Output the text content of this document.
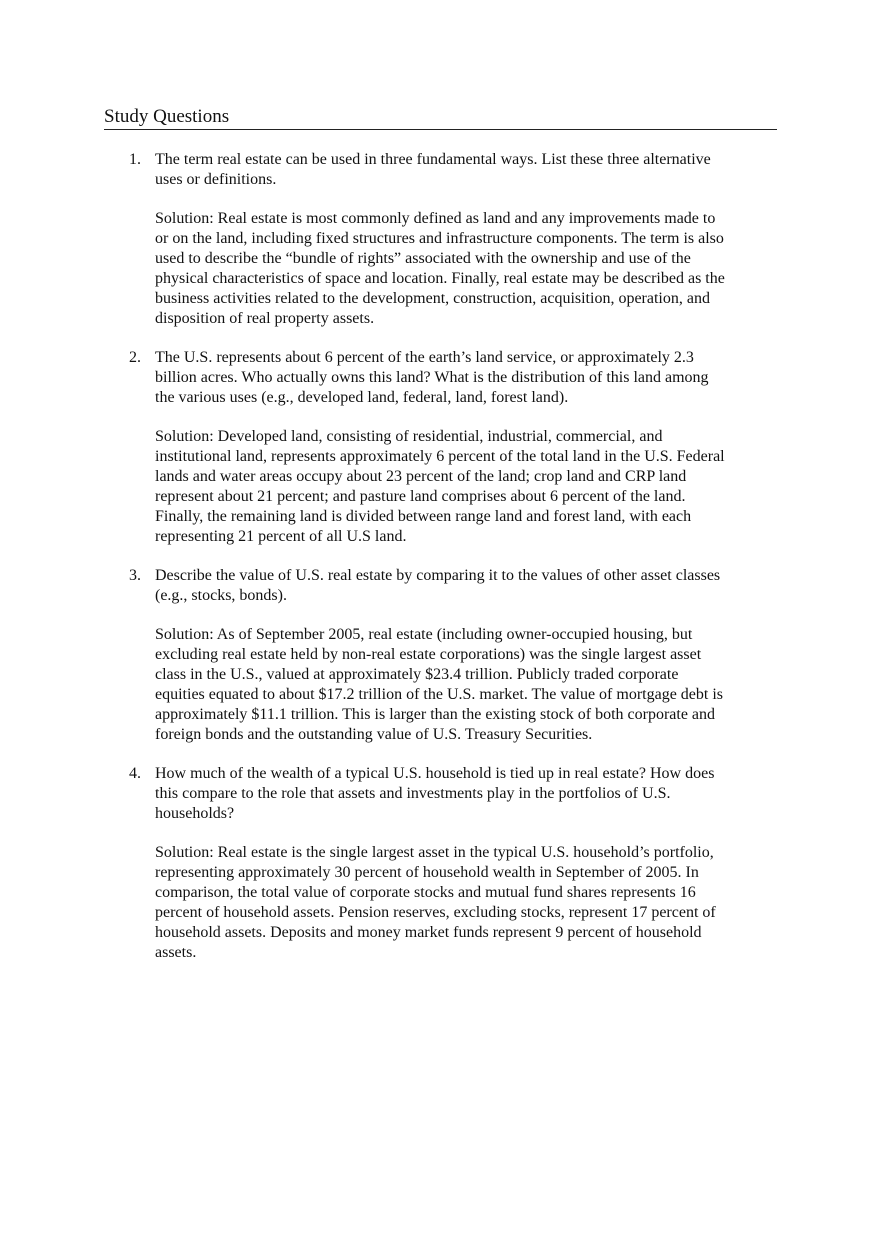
Study Questions
1. The term real estate can be used in three fundamental ways. List these three alternative
uses or definitions.

Solution: Real estate is most commonly defined as land and any improvements made to
or on the land, including fixed structures and infrastructure components. The term is also
used to describe the “bundle of rights” associated with the ownership and use of the
physical characteristics of space and location. Finally, real estate may be described as the
business activities related to the development, construction, acquisition, operation, and
disposition of real property assets.

2. The U.S. represents about 6 percent of the earth’s land service, or approximately 2.3
billion acres. Who actually owns this land? What is the distribution of this land among
the various uses (e.g., developed land, federal, land, forest land).

Solution: Developed land, consisting of residential, industrial, commercial, and
institutional land, represents approximately 6 percent of the total land in the U.S. Federal
lands and water areas occupy about 23 percent of the land; crop land and CRP land
represent about 21 percent; and pasture land comprises about 6 percent of the land.
Finally, the remaining land is divided between range land and forest land, with each
representing 21 percent of all U.S land.

3. Describe the value of U.S. real estate by comparing it to the values of other asset classes
(e.g., stocks, bonds).

Solution: As of September 2005, real estate (including owner-occupied housing, but
excluding real estate held by non-real estate corporations) was the single largest asset
class in the U.S., valued at approximately $23.4 trillion. Publicly traded corporate
equities equated to about $17.2 trillion of the U.S. market. The value of mortgage debt is
approximately $11.1 trillion. This is larger than the existing stock of both corporate and
foreign bonds and the outstanding value of U.S. Treasury Securities.

4. How much of the wealth of a typical U.S. household is tied up in real estate? How does
this compare to the role that assets and investments play in the portfolios of U.S.
households?

Solution: Real estate is the single largest asset in the typical U.S. household’s portfolio,
representing approximately 30 percent of household wealth in September of 2005. In
comparison, the total value of corporate stocks and mutual fund shares represents 16
percent of household assets. Pension reserves, excluding stocks, represent 17 percent of
household assets. Deposits and money market funds represent 9 percent of household
assets.
